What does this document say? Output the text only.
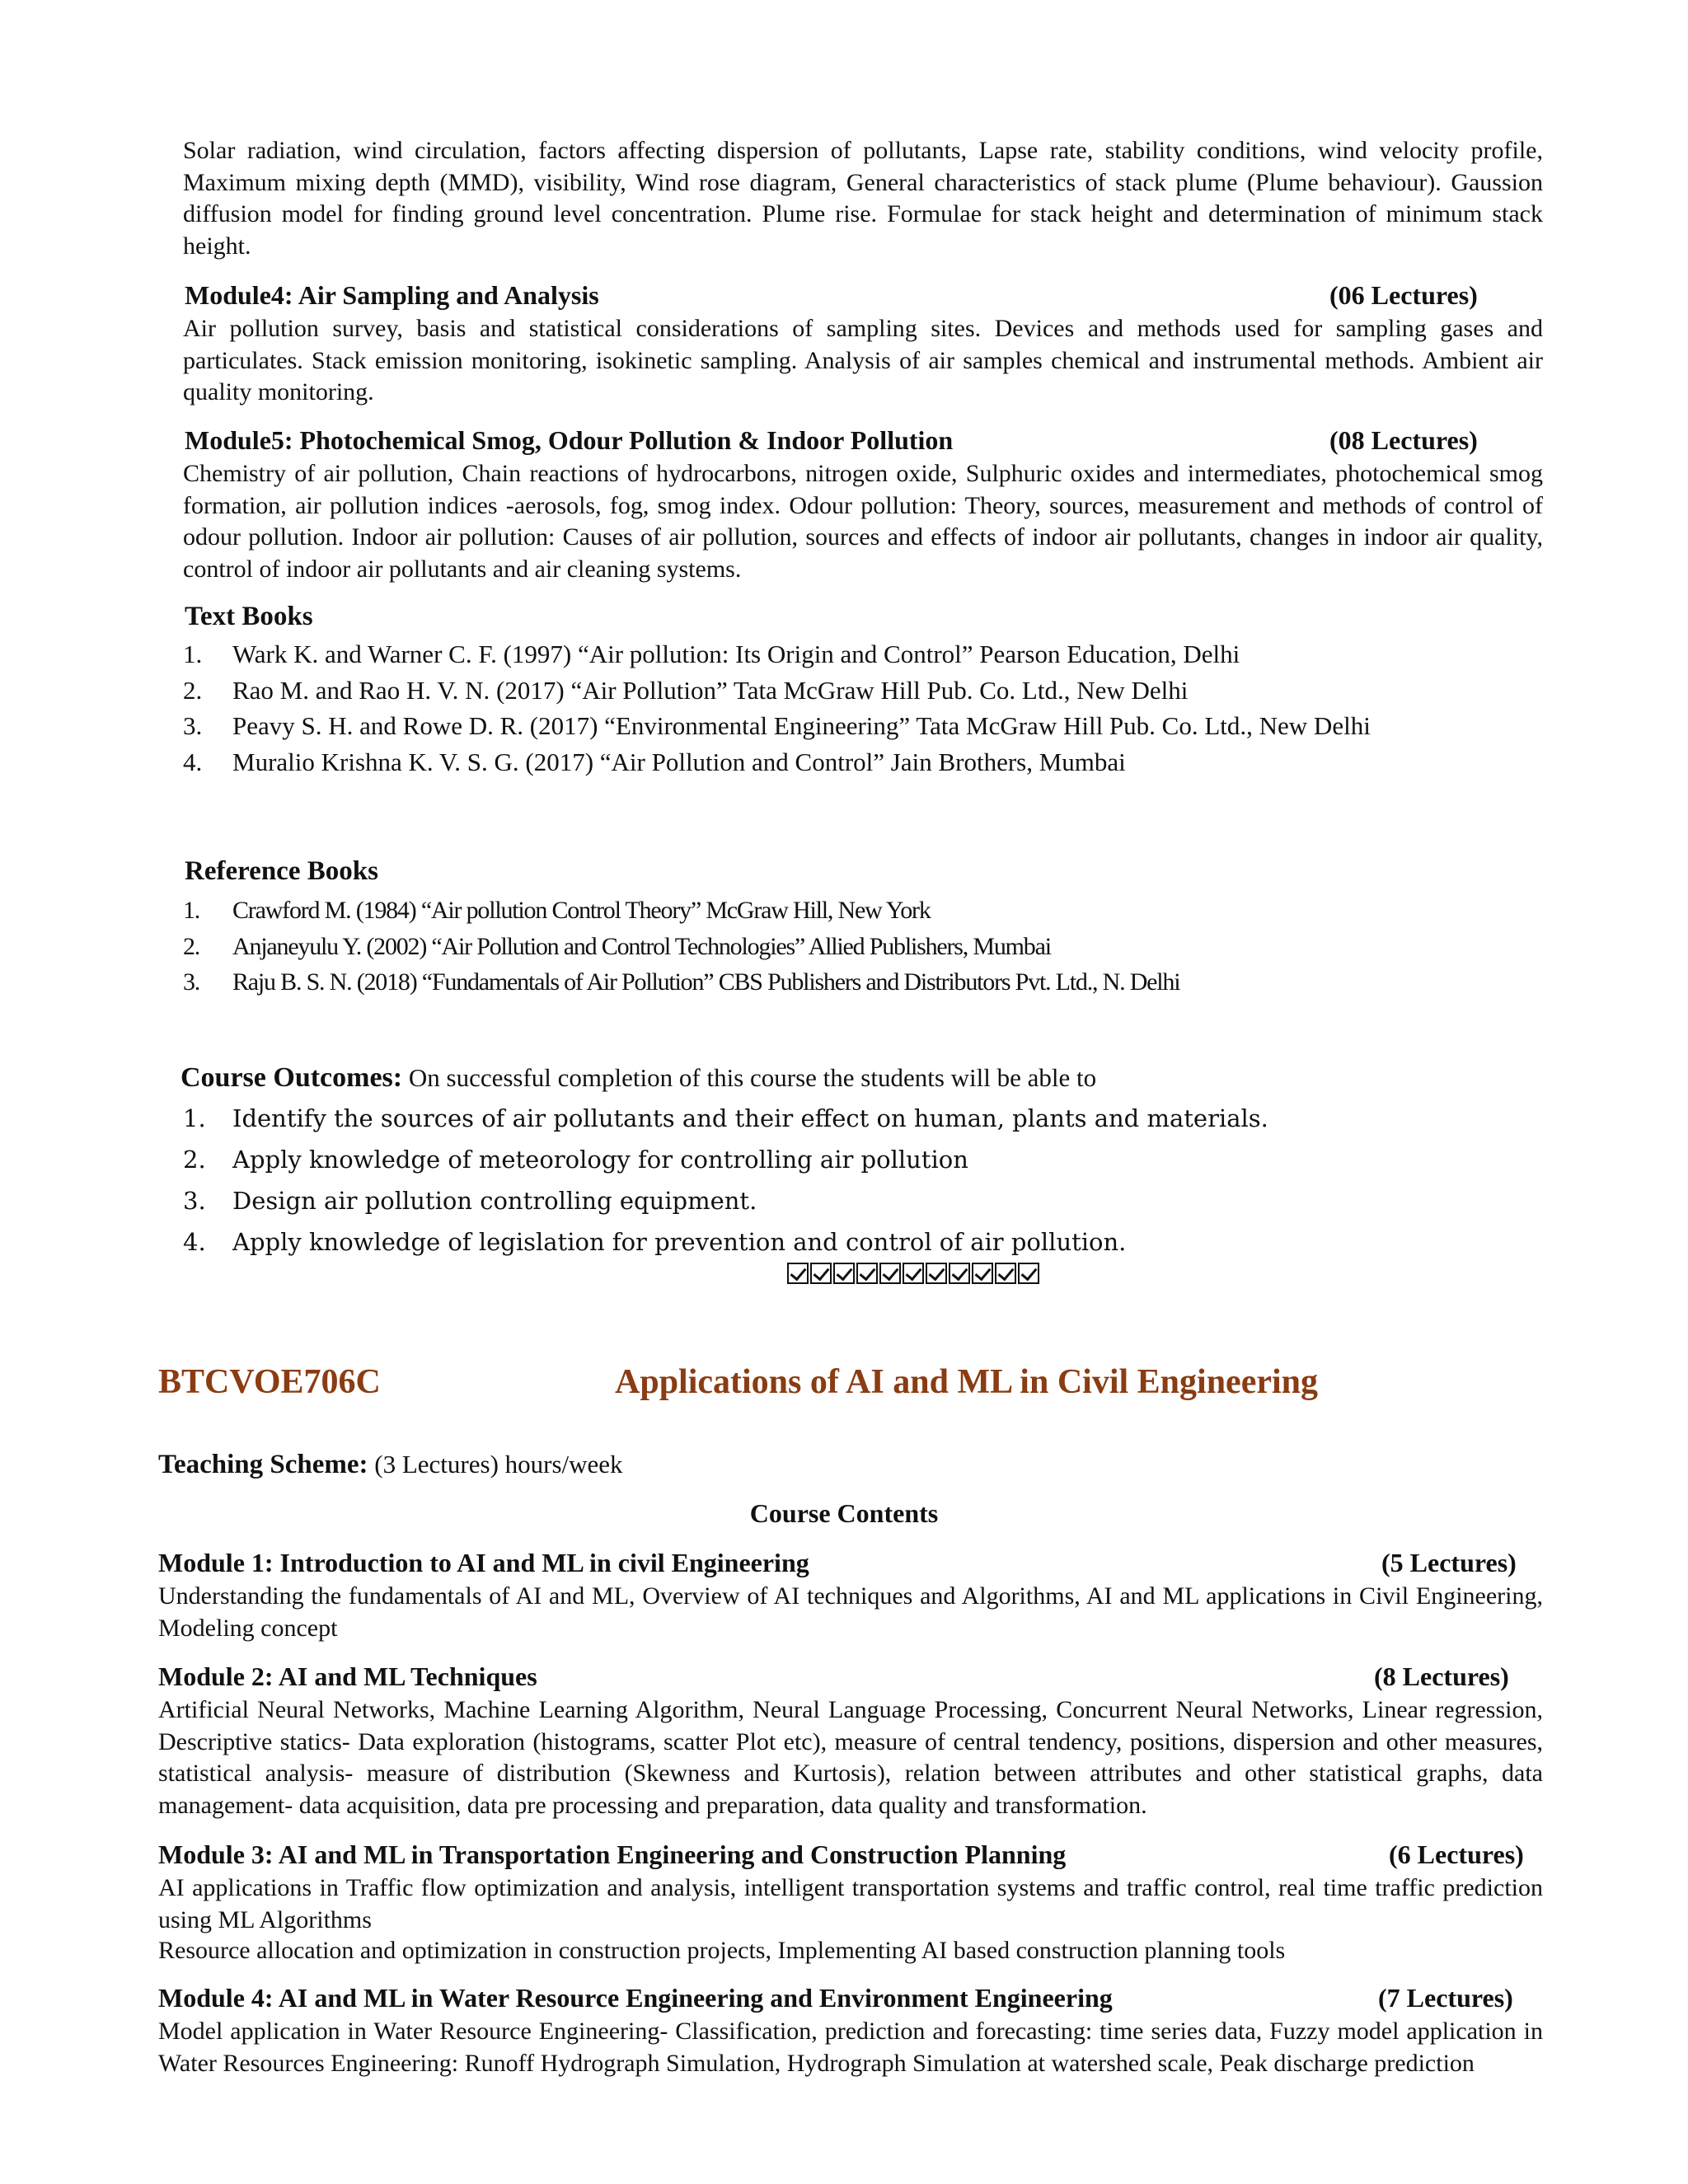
Solar radiation, wind circulation, factors affecting dispersion of pollutants, Lapse rate, stability conditions, wind velocity profile, Maximum mixing depth (MMD), visibility, Wind rose diagram, General characteristics of stack plume (Plume behaviour). Gaussion diffusion model for finding ground level concentration. Plume rise. Formulae for stack height and determination of minimum stack height.

Module4: Air Sampling and Analysis	(06 Lectures)

Air pollution survey, basis and statistical considerations of sampling sites. Devices and methods used for sampling gases and particulates. Stack emission monitoring, isokinetic sampling. Analysis of air samples chemical and instrumental methods. Ambient air quality monitoring.

Module5: Photochemical Smog, Odour Pollution & Indoor Pollution	(08 Lectures)

Chemistry of air pollution, Chain reactions of hydrocarbons, nitrogen oxide, Sulphuric oxides and intermediates, photochemical smog formation, air pollution indices -aerosols, fog, smog index. Odour pollution: Theory, sources, measurement and methods of control of odour pollution. Indoor air pollution: Causes of air pollution, sources and effects of indoor air pollutants, changes in indoor air quality, control of indoor air pollutants and air cleaning systems.

Text Books
1. Wark K. and Warner C. F. (1997) “Air pollution: Its Origin and Control” Pearson Education, Delhi
2. Rao M. and Rao H. V. N. (2017) “Air Pollution” Tata McGraw Hill Pub. Co. Ltd., New Delhi
3. Peavy S. H. and Rowe D. R. (2017) “Environmental Engineering” Tata McGraw Hill Pub. Co. Ltd., New Delhi
4. Muralio Krishna K. V. S. G. (2017) “Air Pollution and Control” Jain Brothers, Mumbai
Reference Books
1. Crawford M. (1984) “Air pollution Control Theory” McGraw Hill, New York
2. Anjaneyulu Y. (2002) “Air Pollution and Control Technologies” Allied Publishers, Mumbai
3. Raju B. S. N. (2018) “Fundamentals of Air Pollution” CBS Publishers and Distributors Pvt. Ltd., N. Delhi
Course Outcomes: On successful completion of this course the students will be able to
1. Identify the sources of air pollutants and their effect on human, plants and materials.
2. Apply knowledge of meteorology for controlling air pollution
3. Design air pollution controlling equipment.
4. Apply knowledge of legislation for prevention and control of air pollution.
BTCVOE706C	Applications of AI and ML in Civil Engineering
Teaching Scheme: (3 Lectures) hours/week
Course Contents
Module 1: Introduction to AI and ML in civil Engineering	(5 Lectures)

Understanding the fundamentals of AI and ML, Overview of AI techniques and Algorithms, AI and ML applications in Civil Engineering, Modeling concept

Module 2: AI and ML Techniques	(8 Lectures)

Artificial Neural Networks, Machine Learning Algorithm, Neural Language Processing, Concurrent Neural Networks, Linear regression, Descriptive statics- Data exploration (histograms, scatter Plot etc), measure of central tendency, positions, dispersion and other measures, statistical analysis- measure of distribution (Skewness and Kurtosis), relation between attributes and other statistical graphs, data management- data acquisition, data pre processing and preparation, data quality and transformation.

Module 3: AI and ML in Transportation Engineering and Construction Planning	(6 Lectures)

AI applications in Traffic flow optimization and analysis, intelligent transportation systems and traffic control, real time traffic prediction using ML Algorithms

Resource allocation and optimization in construction projects, Implementing AI based construction planning tools

Module 4: AI and ML in Water Resource Engineering and Environment Engineering	(7 Lectures)

Model application in Water Resource Engineering- Classification, prediction and forecasting: time series data, Fuzzy model application in Water Resources Engineering: Runoff Hydrograph Simulation, Hydrograph Simulation at watershed scale, Peak discharge prediction
